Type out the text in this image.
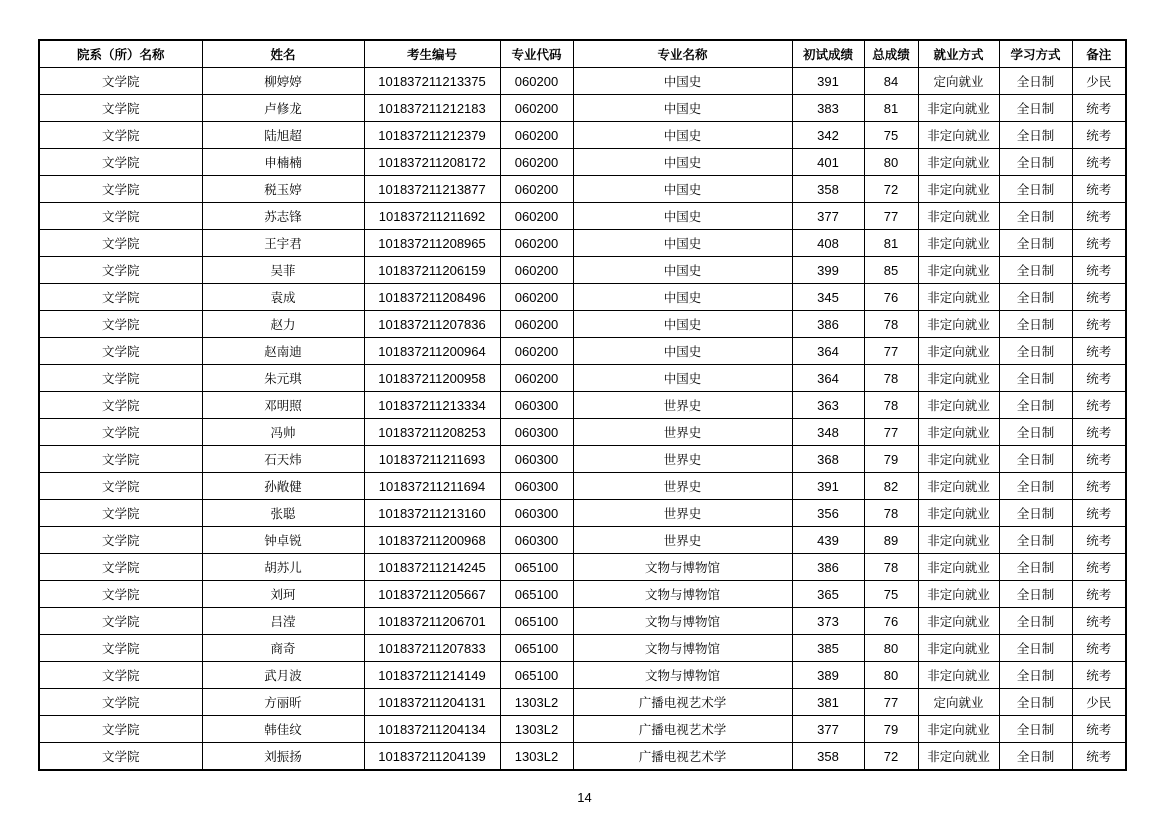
院系（所）名称	姓名	考生编号	专业代码	专业名称	初试成绩	总成绩	就业方式	学习方式	备注
文学院	柳婷婷	101837211213375	060200	中国史	391	84	定向就业	全日制	少民
文学院	卢修龙	101837211212183	060200	中国史	383	81	非定向就业	全日制	统考
文学院	陆旭超	101837211212379	060200	中国史	342	75	非定向就业	全日制	统考
文学院	申楠楠	101837211208172	060200	中国史	401	80	非定向就业	全日制	统考
文学院	税玉婷	101837211213877	060200	中国史	358	72	非定向就业	全日制	统考
文学院	苏志锋	101837211211692	060200	中国史	377	77	非定向就业	全日制	统考
文学院	王宇君	101837211208965	060200	中国史	408	81	非定向就业	全日制	统考
文学院	吴菲	101837211206159	060200	中国史	399	85	非定向就业	全日制	统考
文学院	袁成	101837211208496	060200	中国史	345	76	非定向就业	全日制	统考
文学院	赵力	101837211207836	060200	中国史	386	78	非定向就业	全日制	统考
文学院	赵南迪	101837211200964	060200	中国史	364	77	非定向就业	全日制	统考
文学院	朱元琪	101837211200958	060200	中国史	364	78	非定向就业	全日制	统考
文学院	邓明照	101837211213334	060300	世界史	363	78	非定向就业	全日制	统考
文学院	冯帅	101837211208253	060300	世界史	348	77	非定向就业	全日制	统考
文学院	石天炜	101837211211693	060300	世界史	368	79	非定向就业	全日制	统考
文学院	孙敞健	101837211211694	060300	世界史	391	82	非定向就业	全日制	统考
文学院	张聪	101837211213160	060300	世界史	356	78	非定向就业	全日制	统考
文学院	钟卓锐	101837211200968	060300	世界史	439	89	非定向就业	全日制	统考
文学院	胡苏儿	101837211214245	065100	文物与博物馆	386	78	非定向就业	全日制	统考
文学院	刘珂	101837211205667	065100	文物与博物馆	365	75	非定向就业	全日制	统考
文学院	吕滢	101837211206701	065100	文物与博物馆	373	76	非定向就业	全日制	统考
文学院	商奇	101837211207833	065100	文物与博物馆	385	80	非定向就业	全日制	统考
文学院	武月波	101837211214149	065100	文物与博物馆	389	80	非定向就业	全日制	统考
文学院	方丽昕	101837211204131	1303L2	广播电视艺术学	381	77	定向就业	全日制	少民
文学院	韩佳纹	101837211204134	1303L2	广播电视艺术学	377	79	非定向就业	全日制	统考
文学院	刘振扬	101837211204139	1303L2	广播电视艺术学	358	72	非定向就业	全日制	统考
14
